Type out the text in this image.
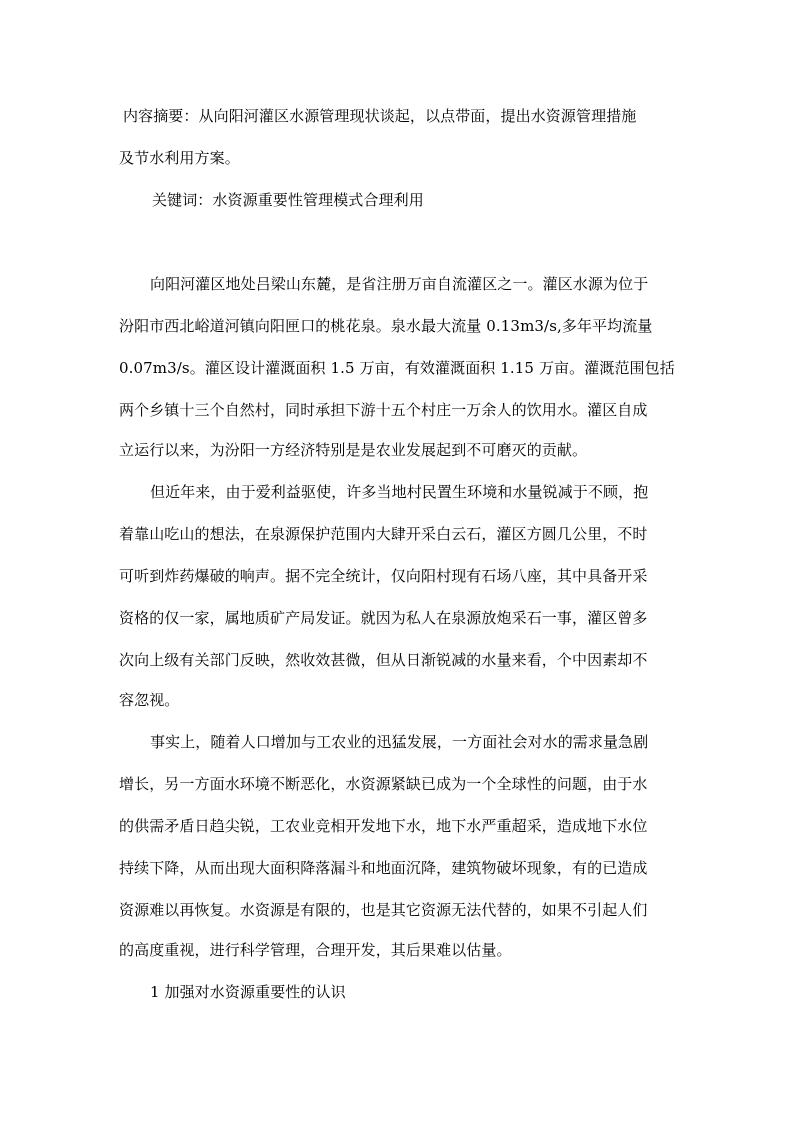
内容摘要：从向阳河灌区水源管理现状谈起，以点带面，提出水资源管理措施
及节水利用方案。
关键词：水资源重要性管理模式合理利用
向阳河灌区地处吕梁山东麓，是省注册万亩自流灌区之一。灌区水源为位于
汾阳市西北峪道河镇向阳匣口的桃花泉。泉水最大流量 0.13m3/s,多年平均流量
0.07m3/s。灌区设计灌溉面积 1.5 万亩，有效灌溉面积 1.15 万亩。灌溉范围包括
两个乡镇十三个自然村，同时承担下游十五个村庄一万余人的饮用水。灌区自成
立运行以来，为汾阳一方经济特别是是农业发展起到不可磨灭的贡献。
但近年来，由于爱利益驱使，许多当地村民置生环境和水量锐减于不顾，抱
着靠山吃山的想法，在泉源保护范围内大肆开采白云石，灌区方圆几公里，不时
可听到炸药爆破的响声。据不完全统计，仅向阳村现有石场八座，其中具备开采
资格的仅一家，属地质矿产局发证。就因为私人在泉源放炮采石一事，灌区曾多
次向上级有关部门反映，然收效甚微，但从日渐锐减的水量来看，个中因素却不
容忽视。
事实上，随着人口增加与工农业的迅猛发展，一方面社会对水的需求量急剧
增长，另一方面水环境不断恶化，水资源紧缺已成为一个全球性的问题，由于水
的供需矛盾日趋尖锐，工农业竞相开发地下水，地下水严重超采，造成地下水位
持续下降，从而出现大面积降落漏斗和地面沉降，建筑物破坏现象，有的已造成
资源难以再恢复。水资源是有限的，也是其它资源无法代替的，如果不引起人们
的高度重视，进行科学管理，合理开发，其后果难以估量。
1 加强对水资源重要性的认识
